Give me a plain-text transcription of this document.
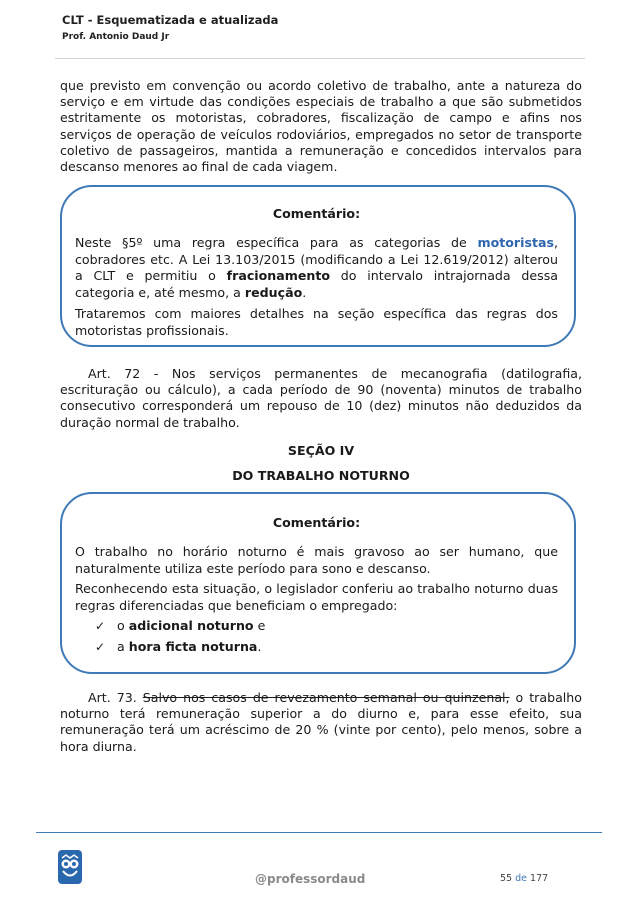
CLT - Esquematizada e atualizada
Prof. Antonio Daud Jr

que previsto em convenção ou acordo coletivo de trabalho, ante a natureza do serviço e em virtude das condições especiais de trabalho a que são submetidos estritamente os motoristas, cobradores, fiscalização de campo e afins nos serviços de operação de veículos rodoviários, empregados no setor de transporte coletivo de passageiros, mantida a remuneração e concedidos intervalos para descanso menores ao final de cada viagem.

Comentário:

Neste §5º uma regra específica para as categorias de motoristas, cobradores etc. A Lei 13.103/2015 (modificando a Lei 12.619/2012) alterou a CLT e permitiu o fracionamento do intervalo intrajornada dessa categoria e, até mesmo, a redução.

Trataremos com maiores detalhes na seção específica das regras dos motoristas profissionais.

Art. 72 - Nos serviços permanentes de mecanografia (datilografia, escrituração ou cálculo), a cada período de 90 (noventa) minutos de trabalho consecutivo corresponderá um repouso de 10 (dez) minutos não deduzidos da duração normal de trabalho.

SEÇÃO IV
DO TRABALHO NOTURNO
Comentário:

O trabalho no horário noturno é mais gravoso ao ser humano, que naturalmente utiliza este período para sono e descanso.

Reconhecendo esta situação, o legislador conferiu ao trabalho noturno duas regras diferenciadas que beneficiam o empregado:

✓ o adicional noturno e
✓ a hora ficta noturna.

Art. 73. Salvo nos casos de revezamento semanal ou quinzenal, o trabalho noturno terá remuneração superior a do diurno e, para esse efeito, sua remuneração terá um acréscimo de 20 % (vinte por cento), pelo menos, sobre a hora diurna.

@professordaud	55 de 177
